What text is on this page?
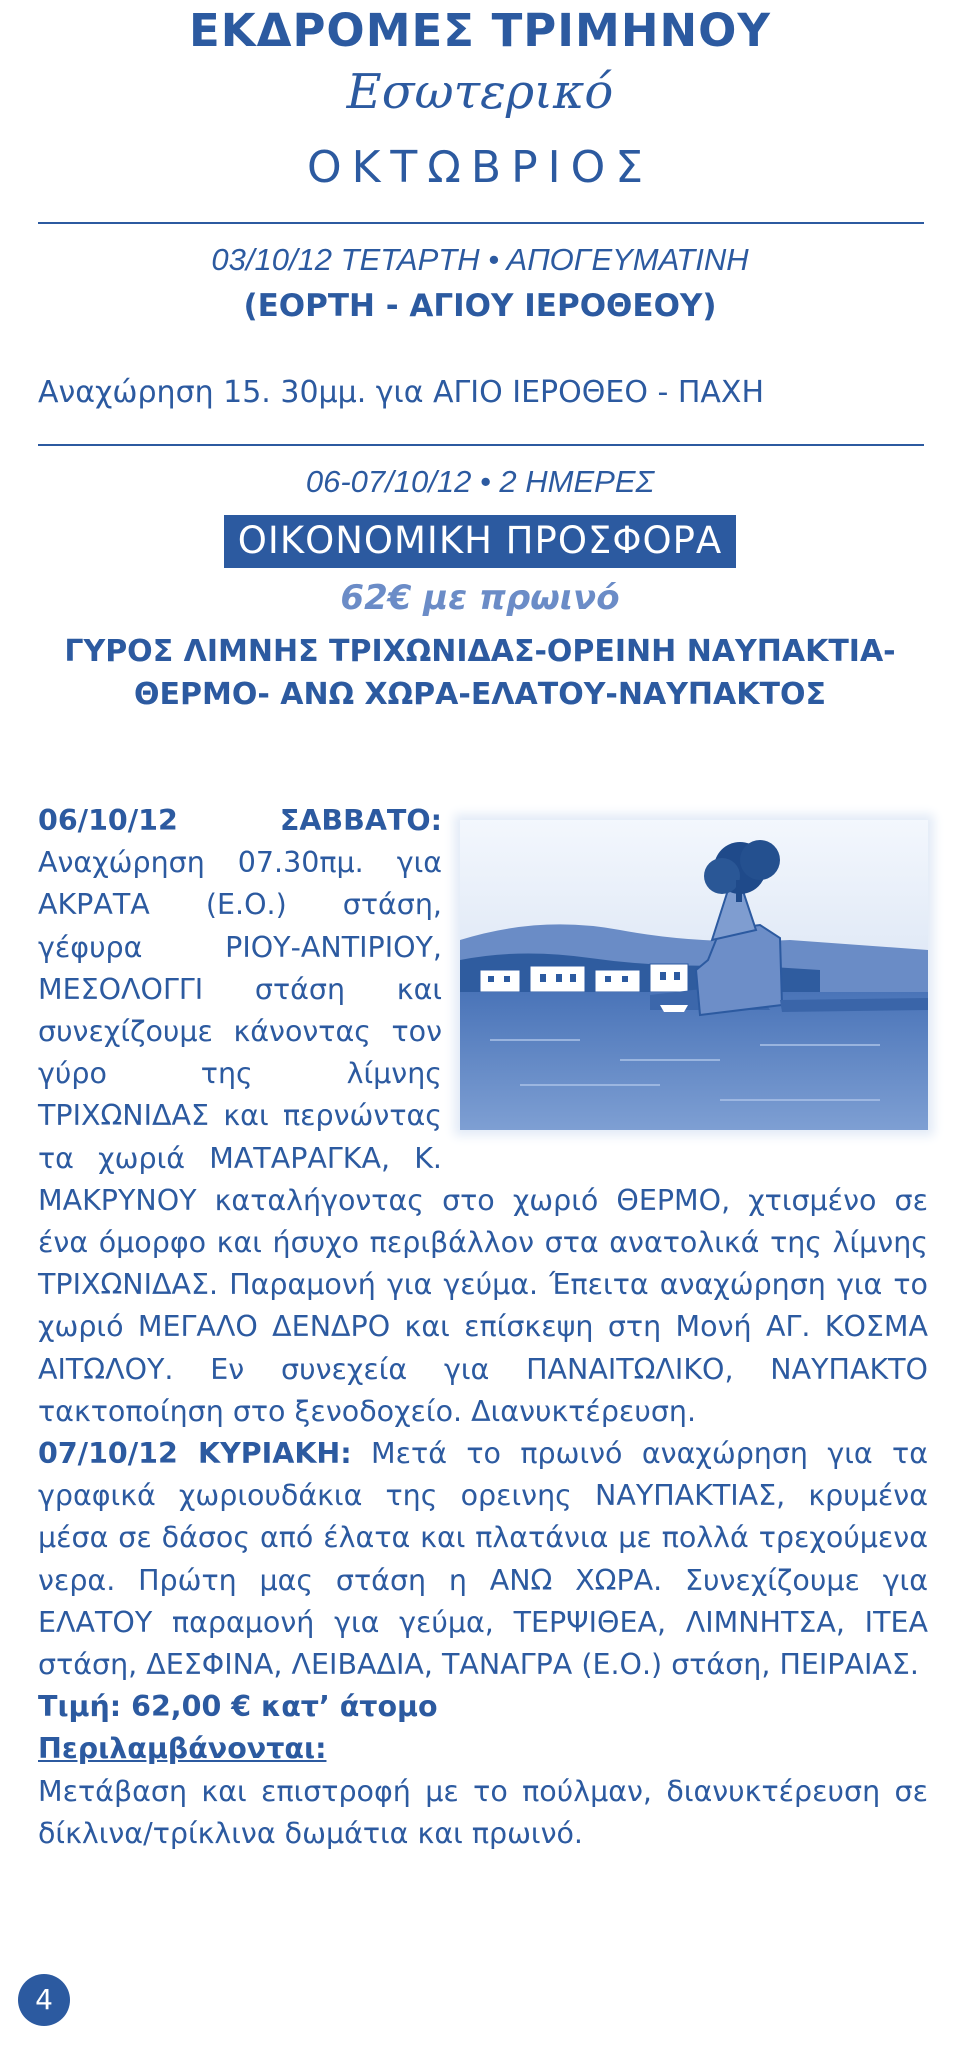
ΕΚΔΡΟΜΕΣ ΤΡΙΜΗΝΟΥ
Εσωτερικό
ΟΚΤΩΒΡΙΟΣ
03/10/12 ΤΕΤΑΡΤΗ • ΑΠΟΓΕΥΜΑΤΙΝΗ
(ΕΟΡΤΗ - ΑΓΙΟΥ ΙΕΡΟΘΕΟΥ)
Αναχώρηση 15. 30μμ. για ΑΓΙΟ ΙΕΡΟΘΕΟ - ΠΑΧΗ
06-07/10/12 • 2 ΗΜΕΡΕΣ
ΟΙΚΟΝΟΜΙΚΗ ΠΡΟΣΦΟΡΑ
62€ με πρωινό
ΓΥΡΟΣ ΛΙΜΝΗΣ ΤΡΙΧΩΝΙΔΑΣ-ΟΡΕΙΝΗ ΝΑΥΠΑΚΤΙΑ-ΘΕΡΜΟ- ΑΝΩ ΧΩΡΑ-ΕΛΑΤΟΥ-ΝΑΥΠΑΚΤΟΣ

06/10/12 ΣΑΒΒΑΤΟ:
Αναχώρηση 07.30πμ. για ΑΚΡΑΤΑ (Ε.Ο.) στάση, γέφυρα ΡΙΟΥ-ΑΝΤΙΡΙΟΥ, ΜΕΣΟΛΟΓΓΙ στάση και συνεχίζουμε κάνοντας τον γύρο της λίμνης ΤΡΙΧΩΝΙΔΑΣ και περνώντας τα χωριά ΜΑΤΑΡΑΓΚΑ, Κ. ΜΑΚΡΥΝΟΥ καταλήγοντας στο χωριό ΘΕΡΜΟ, χτισμένο σε ένα όμορφο και ήσυχο περιβάλλον στα ανατολικά της λίμνης ΤΡΙΧΩΝΙΔΑΣ. Παραμονή για γεύμα. Έπειτα αναχώρηση για το χωριό ΜΕΓΑΛΟ ΔΕΝΔΡΟ και επίσκεψη στη Μονή ΑΓ. ΚΟΣΜΑ ΑΙΤΩΛΟΥ. Εν συνεχεία για ΠΑΝΑΙΤΩΛΙΚΟ, ΝΑΥΠΑΚΤΟ τακτοποίηση στο ξενοδοχείο. Διανυκτέρευση.

07/10/12 ΚΥΡΙΑΚΗ: Μετά το πρωινό αναχώρηση για τα γραφικά χωριουδάκια της ορεινης ΝΑΥΠΑΚΤΙΑΣ, κρυμένα μέσα σε δάσος από έλατα και πλατάνια με πολλά τρεχούμενα νερα. Πρώτη μας στάση η ΑΝΩ ΧΩΡΑ. Συνεχίζουμε για ΕΛΑΤΟΥ παραμονή για γεύμα, ΤΕΡΨΙΘΕΑ, ΛΙΜΝΗΤΣΑ, ΙΤΕΑ στάση, ΔΕΣΦΙΝΑ, ΛΕΙΒΑΔΙΑ, ΤΑΝΑΓΡΑ (Ε.Ο.) στάση, ΠΕΙΡΑΙΑΣ.

Τιμή: 62,00 € κατ’ άτομο

Περιλαμβάνονται:

Μετάβαση και επιστροφή με το πούλμαν, διανυκτέρευση σε δίκλινα/τρίκλινα δωμάτια και πρωινό.

4
